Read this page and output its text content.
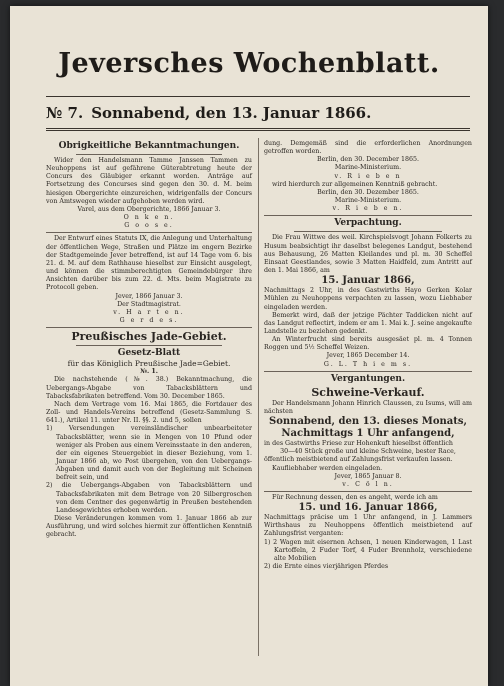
Jeversches Wochenblatt.
№ 7. Sonnabend, den 13. Januar 1866.
Obrigkeitliche Bekanntmachungen.

Wider den Handelsmann Tamme Janssen Tammen zu Neuhoppens ist auf gefährene Güterabtretung heute der Concurs des Gläubiger erkannt worden. Anträge auf Fortsetzung des Concurses sind gegen den 30. d. M. beim hiesigen Obergerichte einzureichen, widrigenfalls der Concurs von Amtswegen wieder aufgehoben werden wird.

Varel, aus dem Obergerichte, 1866 Januar 3.
O n k e n.
G o o s e.

Der Entwurf eines Statuts IX, die Anlegung und Unterhaltung der öffentlichen Wege, Straßen und Plätze im engern Bezirke der Stadtgemeinde Jever betreffend, ist auf 14 Tage vom 6. bis 21. d. M. auf dem Rathhause hieselbst zur Einsicht ausgelegt, und können die stimmberechtigten Gemeindebürger ihre Ansichten darüber bis zum 22. d. Mts. beim Magistrate zu Protocoll geben.

Jever, 1866 Januar 3.
Der Stadtmagistrat.
v. H a r t e n.
G e r d e s.
Preußisches Jade-Gebiet.
Gesetz-Blatt
für das Königlich Preußische Jade=Gebiet.
№. 1.

Die nachstehende (№. 38.) Bekanntmachung, die Uebergangs-Abgabe von Tabacksblättern und Tabacksfabrikaten betreffend. Vom 30. December 1865.

Nach dem Vertrage vom 16. Mai 1865, die Fortdauer des Zoll- und Handels-Vereins betreffend (Gesetz-Sammlung S. 641.), Artikel 11. unter Nr. II. §§. 2. und 5, sollen

1) Versendungen vereinsländischer unbearbeiteter Tabacksblätter, wenn sie in Mengen von 10 Pfund oder weniger als Proben aus einem Vereinsstaate in den anderen, der ein eigenes Steuergebiet in dieser Beziehung, vom 1. Januar 1866 ab, wo Post übergehen, von den Uebergangs-Abgaben und damit auch von der Begleitung mit Scheinen befreit sein, und

2) die Uebergangs-Abgaben von Tabacksblättern und Tabacksfabrikaten mit dem Betrage von 20 Silbergroschen von dem Centner des gegenwärtig in Preußen bestehenden Landesgewichtes erhoben werden.

Diese Veränderungen kommen vom 1. Januar 1866 ab zur Ausführung, und wird solches hiermit zur öffentlichen Kenntniß gebracht.

dung. Demgemäß sind die erforderlichen Anordnungen getroffen worden.

Berlin, den 30. December 1865.
Marine-Ministerium.
v. R i e b e n

wird hierdurch zur allgemeinen Kenntniß gebracht.

Berlin, den 30. Dezember 1865.
Marine-Ministerium.
v. R i e b e n.
Verpachtung.

Die Frau Wittwe des weil. Kirchspielsvogt Johann Folkerts zu Husum beabsichtigt ihr daselbst belegenes Landgut, bestehend aus Behausung, 26 Matten Kleilandes und pl. m. 30 Scheffel Einsaat Geestlandes, sowie 3 Matten Haidfeld, zum Antritt auf den 1. Mai 1866, am

15. Januar 1866,

Nachmittags 2 Uhr, in des Gastwirths Hayo Gerken Kolar Mühlen zu Neuhoppens verpachten zu lassen, wozu Liebhaber eingeladen werden.

Bemerkt wird, daß der jetzige Pächter Taddicken nicht auf das Landgut reflectirt, indem er am 1. Mai k. J. seine angekaufte Landstelle zu beziehen gedenkt.

An Winterfrucht sind bereits ausgesäet pl. m. 4 Tonnen Roggen und 5½ Scheffel Weizen.

Jever, 1865 December 14.
G. L. T h i e m s.
Vergantungen.
Schweine-Verkauf.

Der Handelsmann Johann Hinrich Claussen, zu Isums, will am nächsten

Sonnabend, den 13. dieses Monats, Nachmittags 1 Uhr anfangend,

in des Gastwirths Friese zur Hohenkuft hieselbst öffentlich

30—40 Stück große und kleine Schweine, bester Race,

öffentlich meistbietend auf Zahlungsfrist verkaufen lassen.

Kaufliebhaber werden eingeladen.

Jever, 1865 Januar 8.
v. C ö l n.

Für Rechnung dessen, den es angeht, werde ich am

15. und 16. Januar 1866,

Nachmittags präcise um 1 Uhr anfangend, in J. Lammers Wirthshaus zu Neuhoppens öffentlich meistbietend auf Zahlungsfrist verganten:

1) 2 Wagen mit eisernen Achsen, 1 neuen Kinderwagen, 1 Last Kartoffeln, 2 Fuder Torf, 4 Fuder Brennholz, verschiedene alte Mobilien

2) die Ernte eines vierjährigen Pferdes
